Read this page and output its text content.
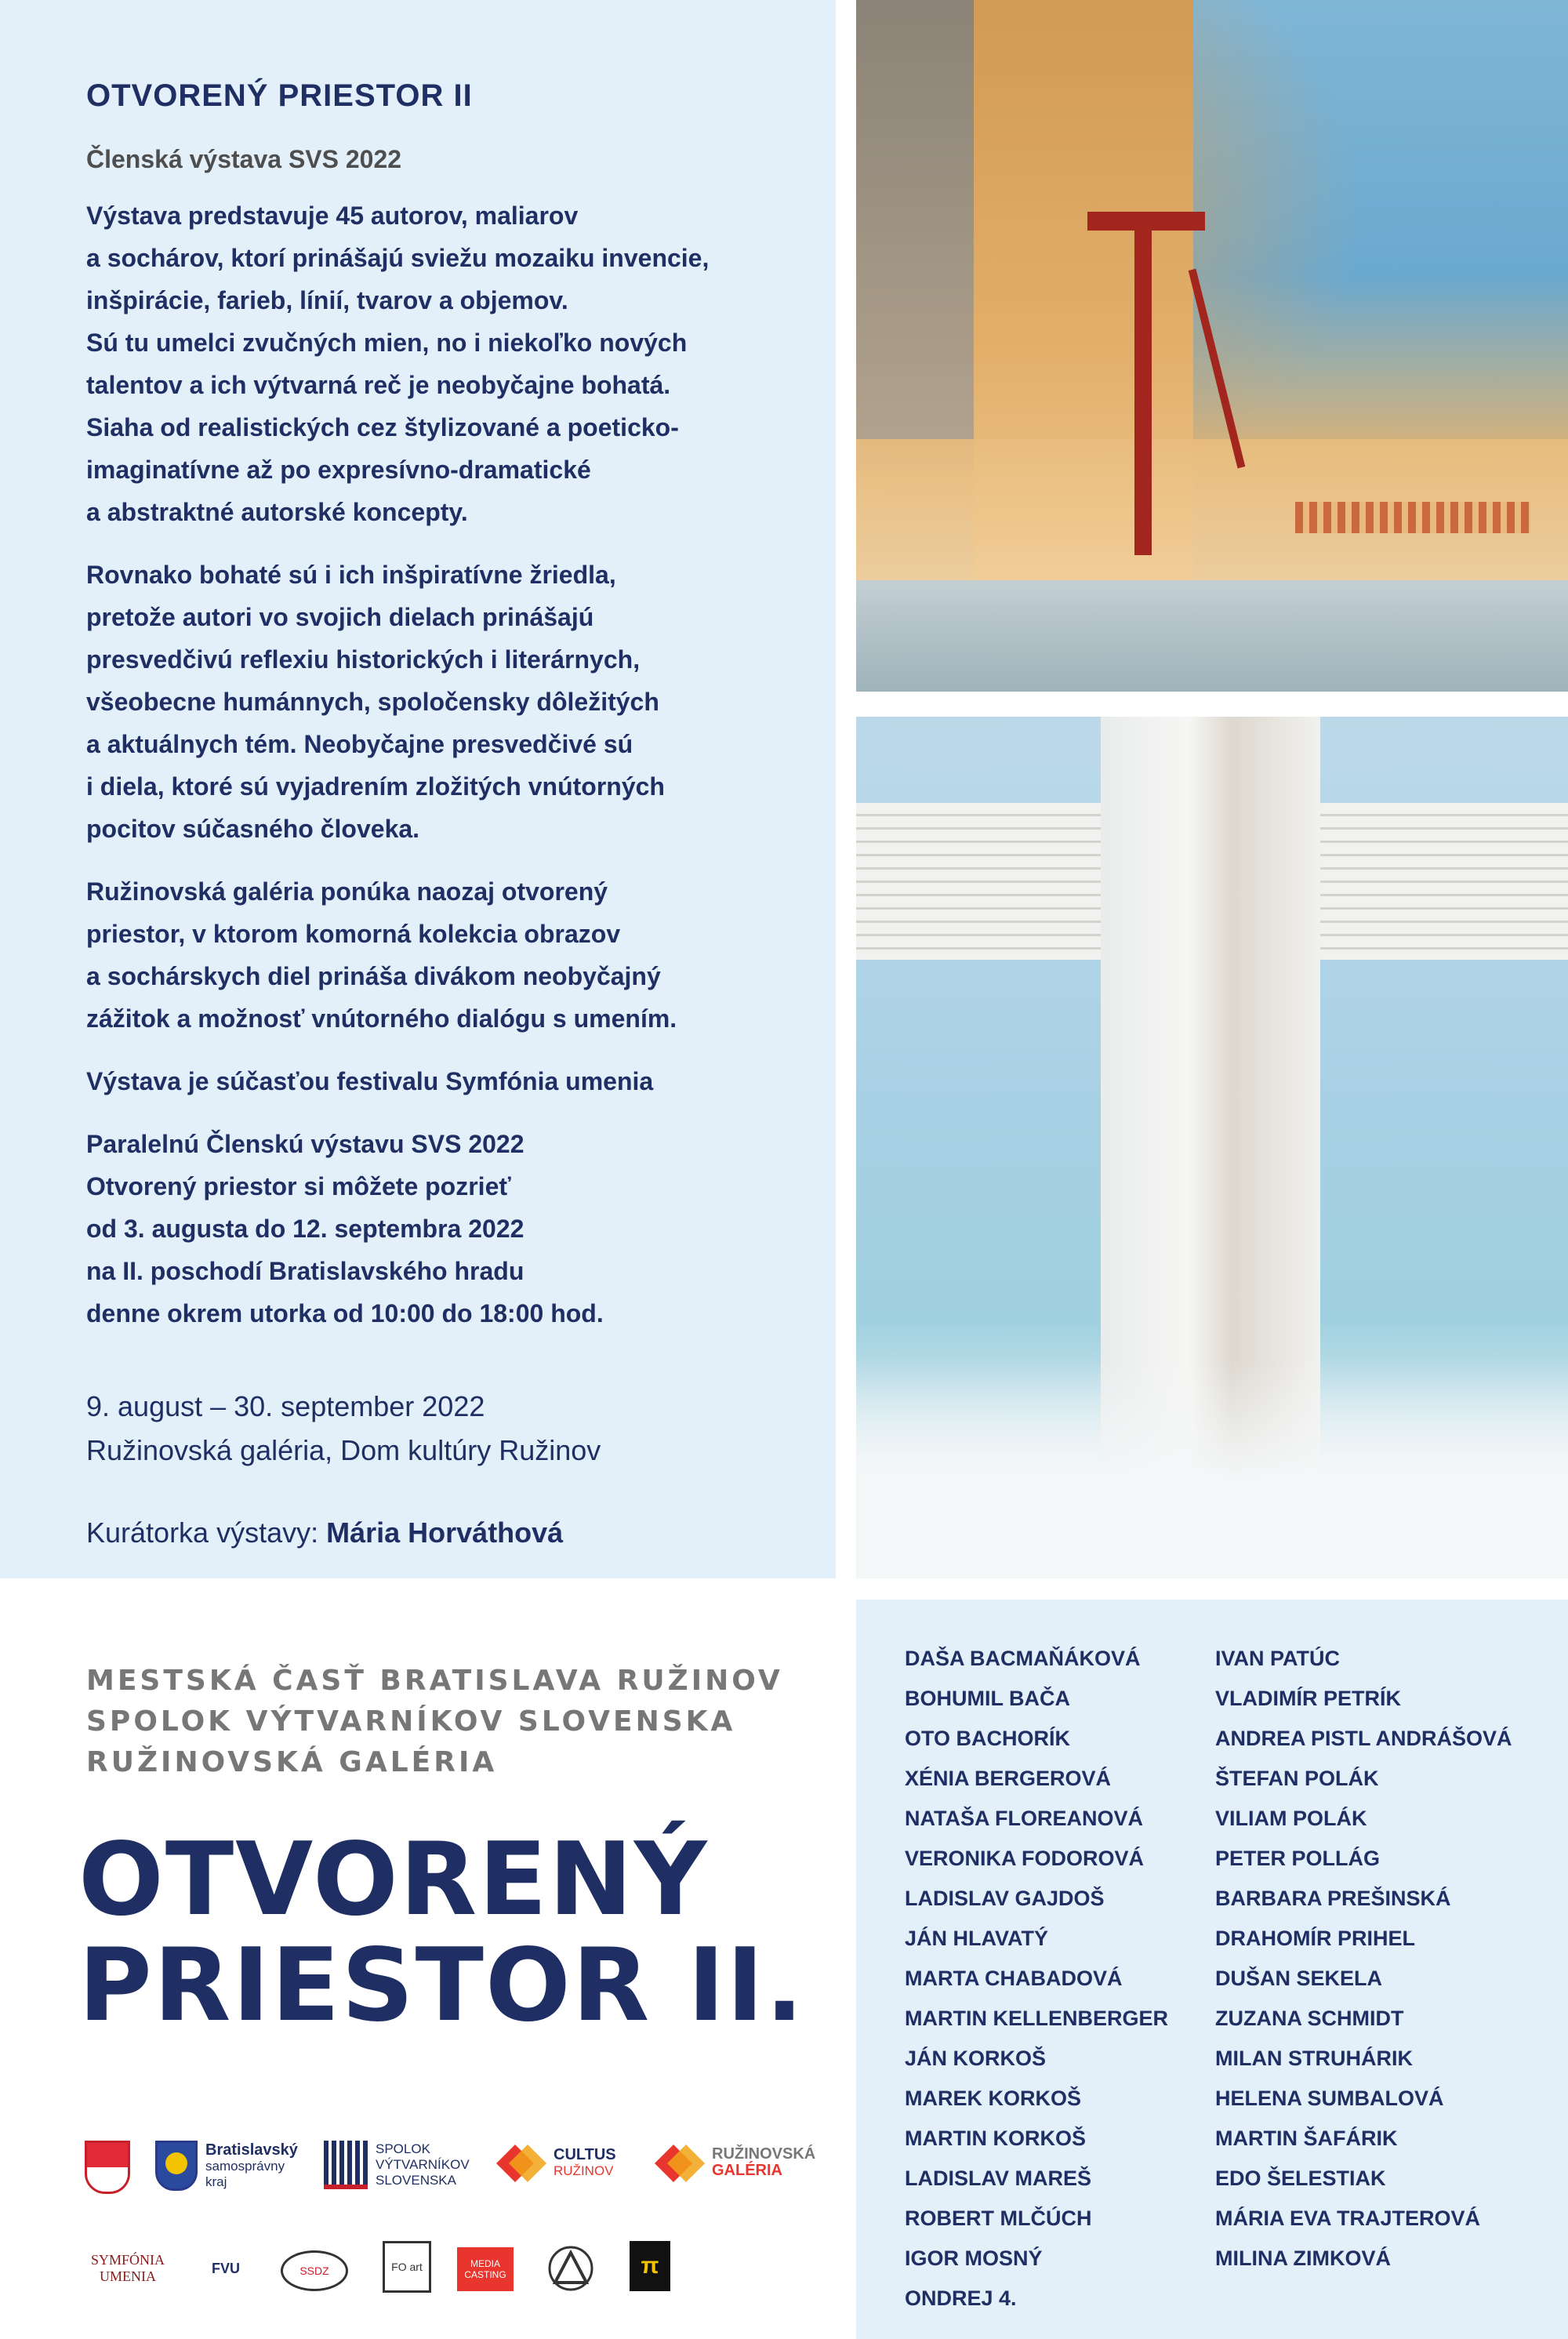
OTVORENÝ PRIESTOR II
Členská výstava SVS 2022

Výstava predstavuje 45 autorov, maliarov
a sochárov, ktorí prinášajú sviežu mozaiku invencie,
inšpirácie, farieb, línií, tvarov a objemov.
Sú tu umelci zvučných mien, no i niekoľko nových
talentov a ich výtvarná reč je neobyčajne bohatá.
Siaha od realistických cez štylizované a poeticko-
imaginatívne až po expresívno-dramatické
a abstraktné autorské koncepty.

Rovnako bohaté sú i ich inšpiratívne žriedla,
pretože autori vo svojich dielach prinášajú
presvedčivú reflexiu historických i literárnych,
všeobecne humánnych, spoločensky dôležitých
a aktuálnych tém. Neobyčajne presvedčivé sú
i diela, ktoré sú vyjadrením zložitých vnútorných
pocitov súčasného človeka.

Ružinovská galéria ponúka naozaj otvorený
priestor, v ktorom komorná kolekcia obrazov
a sochárskych diel prináša divákom neobyčajný
zážitok a možnosť vnútorného dialógu s umením.

Výstava je súčasťou festivalu Symfónia umenia

Paralelnú Členskú výstavu SVS 2022
Otvorený priestor si môžete pozrieť
od 3. augusta do 12. septembra 2022
na II. poschodí Bratislavského hradu
denne okrem utorka od 10:00 do 18:00 hod.

9. august – 30. september 2022
Ružinovská galéria, Dom kultúry Ružinov
Kurátorka výstavy: Mária Horváthová
MESTSKÁ ČASŤ BRATISLAVA RUŽINOV
SPOLOK VÝTVARNÍKOV SLOVENSKA
RUŽINOVSKÁ GALÉRIA
OTVORENÝ
PRIESTOR II.
Bratislavský
samosprávny
kraj
SPOLOK
VÝTVARNÍKOV
SLOVENSKA
CULTUS
RUŽINOV
RUŽINOVSKÁ
GALÉRIA
SYMFÓNIA
UMENIA
FVU	SSDZ	FO art	MEDIA CASTING	π
DAŠA BACMAŇÁKOVÁ
BOHUMIL BAČA
OTO BACHORÍK
XÉNIA BERGEROVÁ
NATAŠA FLOREANOVÁ
VERONIKA FODOROVÁ
LADISLAV GAJDOŠ
JÁN HLAVATÝ
MARTA CHABADOVÁ
MARTIN KELLENBERGER
JÁN KORKOŠ
MAREK KORKOŠ
MARTIN KORKOŠ
LADISLAV MAREŠ
ROBERT MLČÚCH
IGOR MOSNÝ
ONDREJ 4.
IVAN PATÚC
VLADIMÍR PETRÍK
ANDREA PISTL ANDRÁŠOVÁ
ŠTEFAN POLÁK
VILIAM POLÁK
PETER POLLÁG
BARBARA PREŠINSKÁ
DRAHOMÍR PRIHEL
DUŠAN SEKELA
ZUZANA SCHMIDT
MILAN STRUHÁRIK
HELENA SUMBALOVÁ
MARTIN ŠAFÁRIK
EDO ŠELESTIAK
MÁRIA EVA TRAJTEROVÁ
MILINA ZIMKOVÁ
